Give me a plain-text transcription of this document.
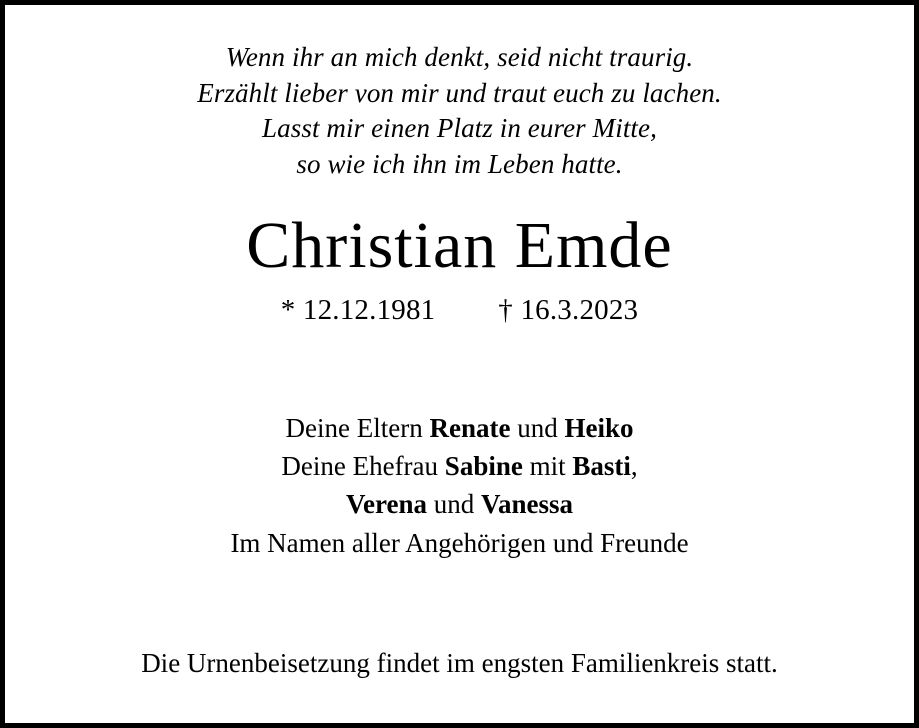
Wenn ihr an mich denkt, seid nicht traurig.
Erzählt lieber von mir und traut euch zu lachen.
Lasst mir einen Platz in eurer Mitte,
so wie ich ihn im Leben hatte.
Christian Emde
* 12.12.1981 † 16.3.2023
Deine Eltern Renate und Heiko
Deine Ehefrau Sabine mit Basti,
Verena und Vanessa
Im Namen aller Angehörigen und Freunde
Die Urnenbeisetzung findet im engsten Familienkreis statt.
